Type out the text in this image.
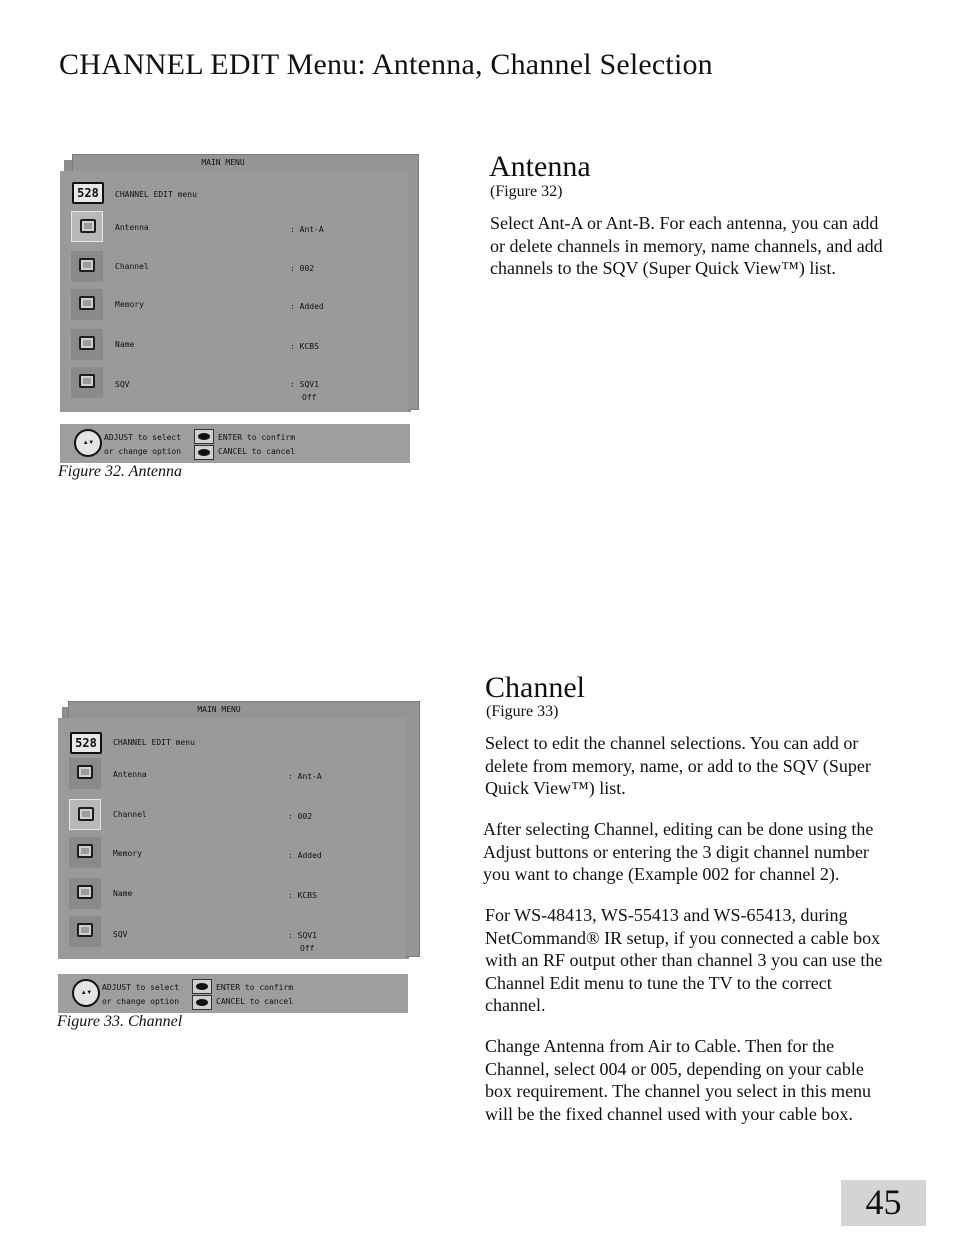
CHANNEL EDIT Menu: Antenna, Channel Selection
MAIN MENU
528	CHANNEL EDIT menu
Antenna	: Ant-A
Channel	: 002
Memory	: Added
Name	: KCBS
SQV	: SQV1
Off
▲ ▼
ADJUST to select
or change option
ENTER to confirm
CANCEL to cancel
Figure 32. Antenna
Antenna
(Figure 32)

Select Ant-A or Ant-B. For each antenna, you can add or delete channels in memory, name channels, and add channels to the SQV (Super Quick View™) list.

MAIN MENU
528	CHANNEL EDIT menu
Antenna	: Ant-A
Channel	: 002
Memory	: Added
Name	: KCBS
SQV	: SQV1
Off
▲ ▼
ADJUST to select
or change option
ENTER to confirm
CANCEL to cancel
Figure 33. Channel
Channel
(Figure 33)

Select to edit the channel selections. You can add or delete from memory, name, or add to the SQV (Super Quick View™) list.

After selecting Channel, editing can be done using the Adjust buttons or entering the 3 digit channel number you want to change (Example 002 for channel 2).

For WS-48413, WS-55413 and WS-65413, during NetCommand® IR setup, if you connected a cable box with an RF output other than channel 3 you can use the Channel Edit menu to tune the TV to the correct channel.

Change Antenna from Air to Cable. Then for the Channel, select 004 or 005, depending on your cable box requirement. The channel you select in this menu will be the fixed channel used with your cable box.

45
